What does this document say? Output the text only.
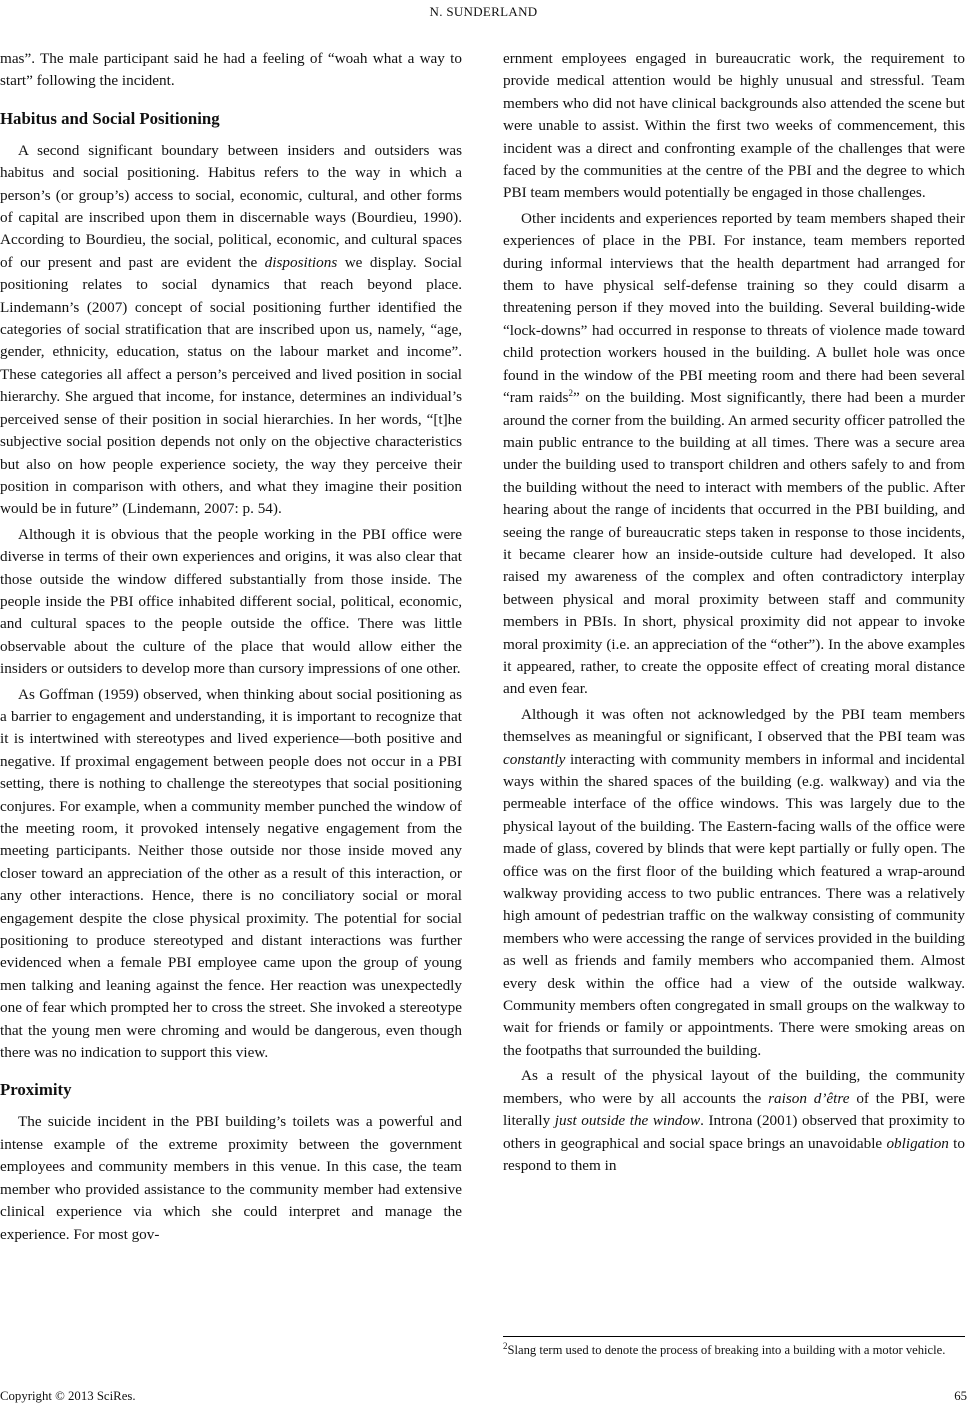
N. SUNDERLAND

mas”. The male participant said he had a feeling of “woah what a way to start” following the incident.

Habitus and Social Positioning

A second significant boundary between insiders and outsiders was habitus and social positioning. Habitus refers to the way in which a person’s (or group’s) access to social, economic, cultural, and other forms of capital are inscribed upon them in discernable ways (Bourdieu, 1990). According to Bourdieu, the social, political, economic, and cultural spaces of our present and past are evident the dispositions we display. Social positioning relates to social dynamics that reach beyond place. Lindemann’s (2007) concept of social positioning further identified the categories of social stratification that are inscribed upon us, namely, “age, gender, ethnicity, education, status on the labour market and income”. These categories all affect a person’s perceived and lived position in social hierarchy. She argued that income, for instance, determines an individual’s perceived sense of their position in social hierarchies. In her words, “[t]he subjective social position depends not only on the objective characteristics but also on how people experience society, the way they perceive their position in comparison with others, and what they imagine their position would be in future” (Lindemann, 2007: p. 54).

Although it is obvious that the people working in the PBI office were diverse in terms of their own experiences and origins, it was also clear that those outside the window differed substantially from those inside. The people inside the PBI office inhabited different social, political, economic, and cultural spaces to the people outside the office. There was little observable about the culture of the place that would allow either the insiders or outsiders to develop more than cursory impressions of one other.

As Goffman (1959) observed, when thinking about social positioning as a barrier to engagement and understanding, it is important to recognize that it is intertwined with stereotypes and lived experience—both positive and negative. If proximal engagement between people does not occur in a PBI setting, there is nothing to challenge the stereotypes that social positioning conjures. For example, when a community member punched the window of the meeting room, it provoked intensely negative engagement from the meeting participants. Neither those outside nor those inside moved any closer toward an appreciation of the other as a result of this interaction, or any other interactions. Hence, there is no conciliatory social or moral engagement despite the close physical proximity. The potential for social positioning to produce stereotyped and distant interactions was further evidenced when a female PBI employee came upon the group of young men talking and leaning against the fence. Her reaction was unexpectedly one of fear which prompted her to cross the street. She invoked a stereotype that the young men were chroming and would be dangerous, even though there was no indication to support this view.

Proximity

The suicide incident in the PBI building’s toilets was a powerful and intense example of the extreme proximity between the government employees and community members in this venue. In this case, the team member who provided assistance to the community member had extensive clinical experience via which she could interpret and manage the experience. For most gov-

ernment employees engaged in bureaucratic work, the requirement to provide medical attention would be highly unusual and stressful. Team members who did not have clinical backgrounds also attended the scene but were unable to assist. Within the first two weeks of commencement, this incident was a direct and confronting example of the challenges that were faced by the communities at the centre of the PBI and the degree to which PBI team members would potentially be engaged in those challenges.

Other incidents and experiences reported by team members shaped their experiences of place in the PBI. For instance, team members reported during informal interviews that the health department had arranged for them to have physical self-defense training so they could disarm a threatening person if they moved into the building. Several building-wide “lock-downs” had occurred in response to threats of violence made toward child protection workers housed in the building. A bullet hole was once found in the window of the PBI meeting room and there had been several “ram raids$^2$” on the building. Most significantly, there had been a murder around the corner from the building. An armed security officer patrolled the main public entrance to the building at all times. There was a secure area under the building used to transport children and others safely to and from the building without the need to interact with members of the public. After hearing about the range of incidents that occurred in the PBI building, and seeing the range of bureaucratic steps taken in response to those incidents, it became clearer how an inside-outside culture had developed. It also raised my awareness of the complex and often contradictory interplay between physical and moral proximity between staff and community members in PBIs. In short, physical proximity did not appear to invoke moral proximity (i.e. an appreciation of the “other”). In the above examples it appeared, rather, to create the opposite effect of creating moral distance and even fear.

Although it was often not acknowledged by the PBI team members themselves as meaningful or significant, I observed that the PBI team was constantly interacting with community members in informal and incidental ways within the shared spaces of the building (e.g. walkway) and via the permeable interface of the office windows. This was largely due to the physical layout of the building. The Eastern-facing walls of the office were made of glass, covered by blinds that were kept partially or fully open. The office was on the first floor of the building which featured a wrap-around walkway providing access to two public entrances. There was a relatively high amount of pedestrian traffic on the walkway consisting of community members who were accessing the range of services provided in the building as well as friends and family members who accompanied them. Almost every desk within the office had a view of the outside walkway. Community members often congregated in small groups on the walkway to wait for friends or family or appointments. There were smoking areas on the footpaths that surrounded the building.

As a result of the physical layout of the building, the community members, who were by all accounts the raison d’être of the PBI, were literally just outside the window. Introna (2001) observed that proximity to others in geographical and social space brings an unavoidable obligation to respond to them in

$^2$Slang term used to denote the process of breaking into a building with a motor vehicle.
Copyright © 2013 SciRes.	65
